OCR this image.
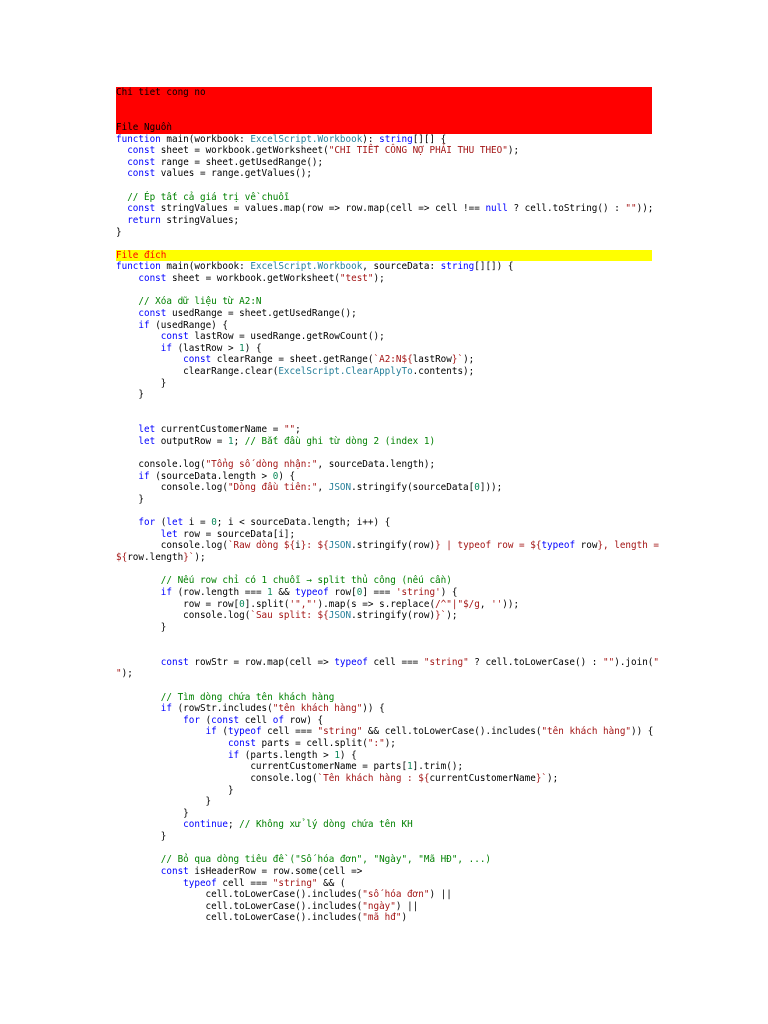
Chi tiet cong no
File Nguồn
function main(workbook: ExcelScript.Workbook): string[][] {
const sheet = workbook.getWorksheet("CHI TIẾT CÔNG NỢ PHẢI THU THEO");
const range = sheet.getUsedRange();
const values = range.getValues();
// Ép tất cả giá trị về chuỗi
const stringValues = values.map(row => row.map(cell => cell !== null ? cell.toString() : ""));
return stringValues;
}
File đích
function main(workbook: ExcelScript.Workbook, sourceData: string[][]) {
const sheet = workbook.getWorksheet("test");
// Xóa dữ liệu từ A2:N
const usedRange = sheet.getUsedRange();
if (usedRange) {
const lastRow = usedRange.getRowCount();
if (lastRow > 1) {
const clearRange = sheet.getRange(`A2:N${lastRow}`);
clearRange.clear(ExcelScript.ClearApplyTo.contents);
}
}
let currentCustomerName = "";
let outputRow = 1; // Bắt đầu ghi từ dòng 2 (index 1)
console.log("Tổng số dòng nhận:", sourceData.length);
if (sourceData.length > 0) {
console.log("Dòng đầu tiên:", JSON.stringify(sourceData[0]));
}
for (let i = 0; i < sourceData.length; i++) {
let row = sourceData[i];
console.log(`Raw dòng ${i}: ${JSON.stringify(row)} | typeof row = ${typeof row}, length =
${row.length}`);
// Nếu row chỉ có 1 chuỗi → split thủ công (nếu cần)
if (row.length === 1 && typeof row[0] === 'string') {
row = row[0].split('","').map(s => s.replace(/^"|"$/g, ''));
console.log(`Sau split: ${JSON.stringify(row)}`);
}
const rowStr = row.map(cell => typeof cell === "string" ? cell.toLowerCase() : "").join("
");
// Tìm dòng chứa tên khách hàng
if (rowStr.includes("tên khách hàng")) {
for (const cell of row) {
if (typeof cell === "string" && cell.toLowerCase().includes("tên khách hàng")) {
const parts = cell.split(":");
if (parts.length > 1) {
currentCustomerName = parts[1].trim();
console.log(`Tên khách hàng : ${currentCustomerName}`);
}
}
}
continue; // Không xử lý dòng chứa tên KH
}
// Bỏ qua dòng tiêu đề ("Số hóa đơn", "Ngày", "Mã HĐ", ...)
const isHeaderRow = row.some(cell =>
typeof cell === "string" && (
cell.toLowerCase().includes("số hóa đơn") ||
cell.toLowerCase().includes("ngày") ||
cell.toLowerCase().includes("mã hđ")
